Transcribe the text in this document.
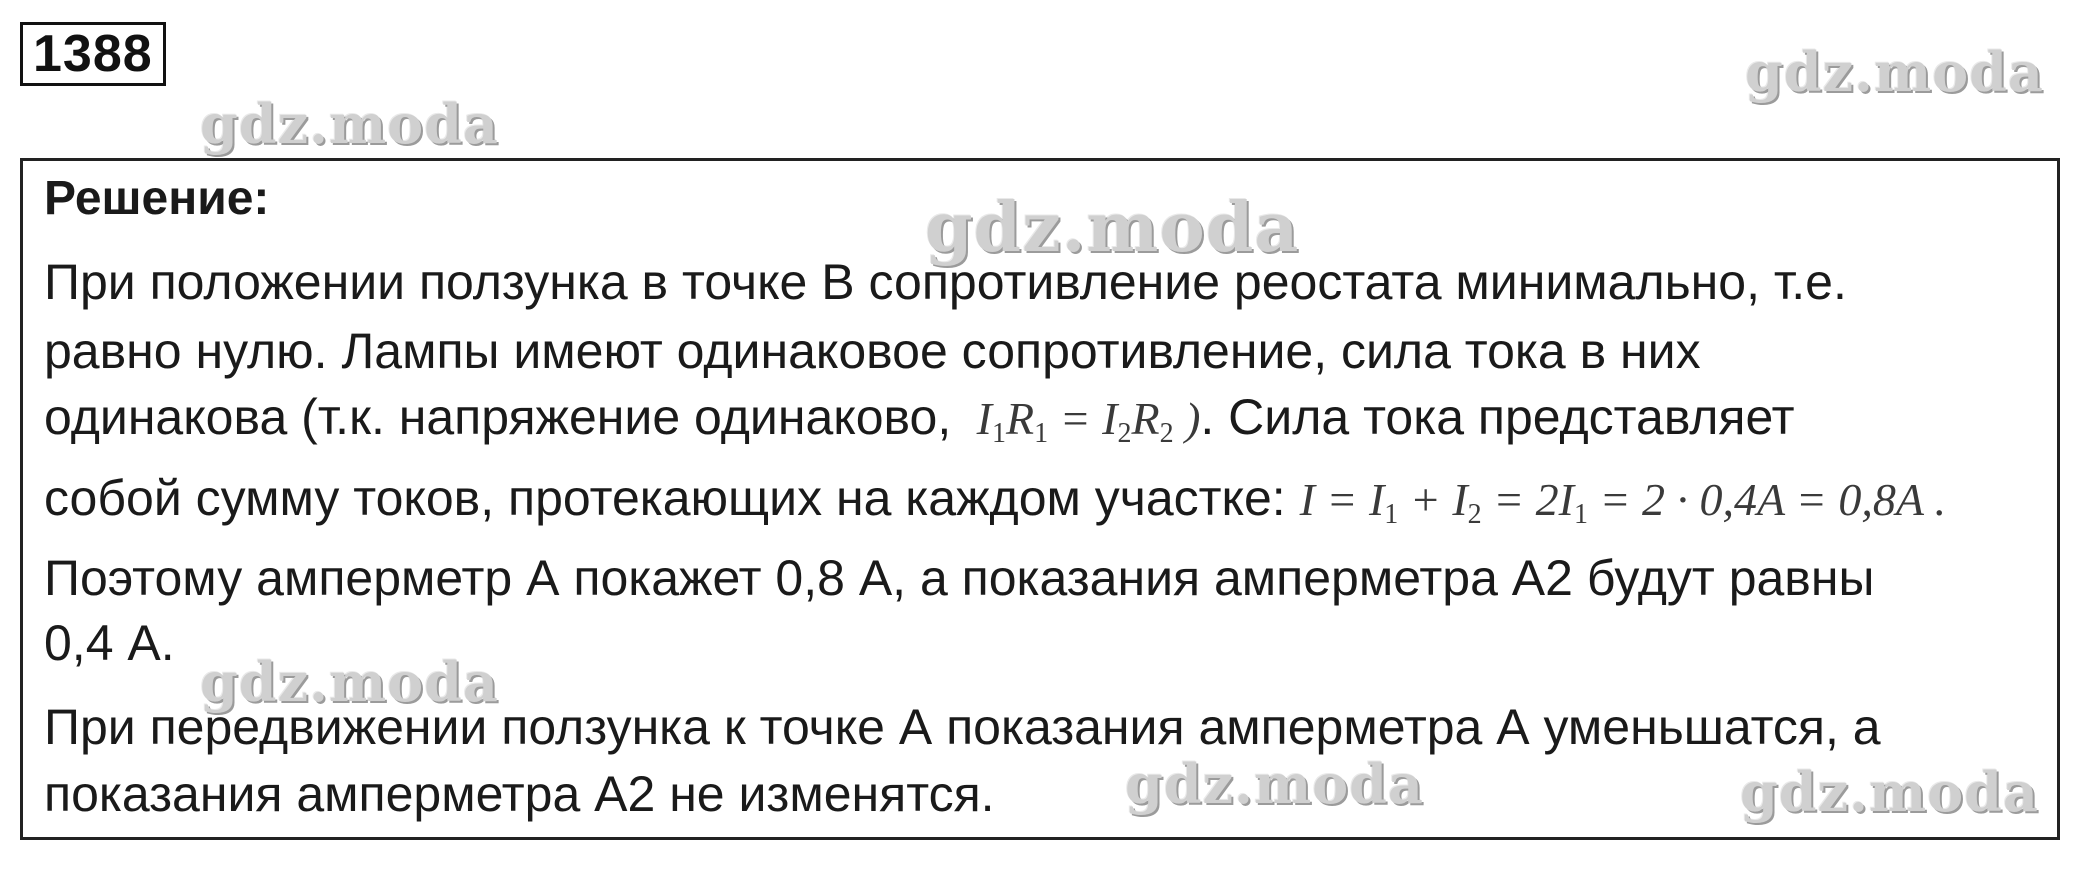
1388
Решение:
При положении ползунка в точке В сопротивление реостата минимально, т.е.
равно нулю. Лампы имеют одинаковое сопротивление, сила тока в них
одинакова (т.к. напряжение одинаково, $I_1R_1 = I_2R_2$ ). Сила тока представляет
собой сумму токов, протекающих на каждом участке: $I = I_1 + I_2 = 2I_1 = 2 \cdot 0,4A = 0,8A$ .
Поэтому амперметр А покажет 0,8 А, а показания амперметра А2 будут равны
0,4 А.
При передвижении ползунка к точке А показания амперметра А уменьшатся, а
показания амперметра А2 не изменятся.
gdz.moda
gdz.moda
gdz.moda
gdz.moda
gdz.moda	gdz.moda
